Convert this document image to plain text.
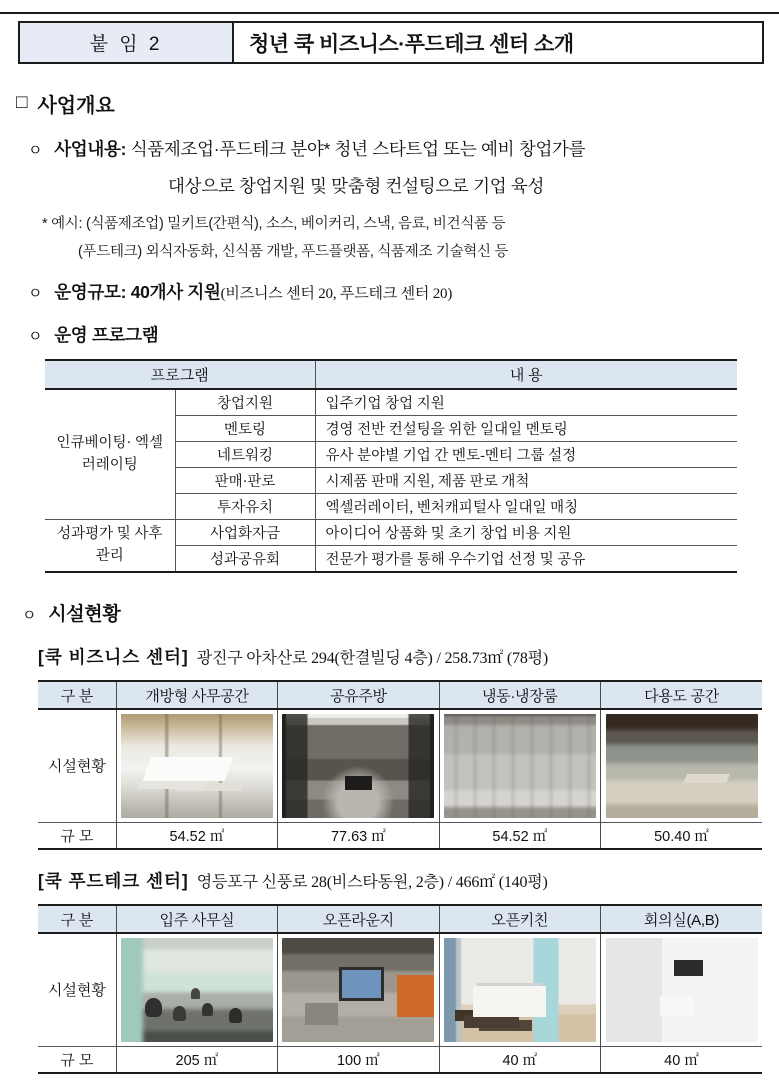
붙 임 2	청년 쿡 비즈니스·푸드테크 센터 소개
□ 사업개요
ㅇ 사업내용: 식품제조업·푸드테크 분야* 청년 스타트업 또는 예비 창업가를
대상으로 창업지원 및 맞춤형 컨설팅으로 기업 육성
* 예시: (식품제조업) 밀키트(간편식), 소스, 베이커리, 스낵, 음료, 비건식품 등
(푸드테크) 외식자동화, 신식품 개발, 푸드플랫폼, 식품제조 기술혁신 등
ㅇ 운영규모: 40개사 지원(비즈니스 센터 20, 푸드테크 센터 20)
ㅇ 운영 프로그램
프로그램		내 용
인큐베이팅· 엑셀러레이팅	창업지원	입주기업 창업 지원
	멘토링	경영 전반 컨설팅을 위한 일대일 멘토링
	네트워킹	유사 분야별 기업 간 멘토-멘티 그룹 설정
	판매·판로	시제품 판매 지원, 제품 판로 개척
	투자유치	엑셀러레이터, 벤처캐피털사 일대일 매칭
성과평가 및 사후관리	사업화자금	아이디어 상품화 및 초기 창업 비용 지원
	성과공유회	전문가 평가를 통해 우수기업 선정 및 공유
ㅇ 시설현황
[쿡 비즈니스 센터] 광진구 아차산로 294(한결빌딩 4층) / 258.73㎡ (78평)
구 분	개방형 사무공간	공유주방	냉동·냉장룸	다용도 공간
시설현황	

규 모	54.52 ㎡	77.63 ㎡	54.52 ㎡	50.40 ㎡
[쿡 푸드테크 센터] 영등포구 신풍로 28(비스타동원, 2층) / 466㎡ (140평)
구 분	입주 사무실	오픈라운지	오픈키친	회의실(A,B)
시설현황	

규 모	205 ㎡	100 ㎡	40 ㎡	40 ㎡
